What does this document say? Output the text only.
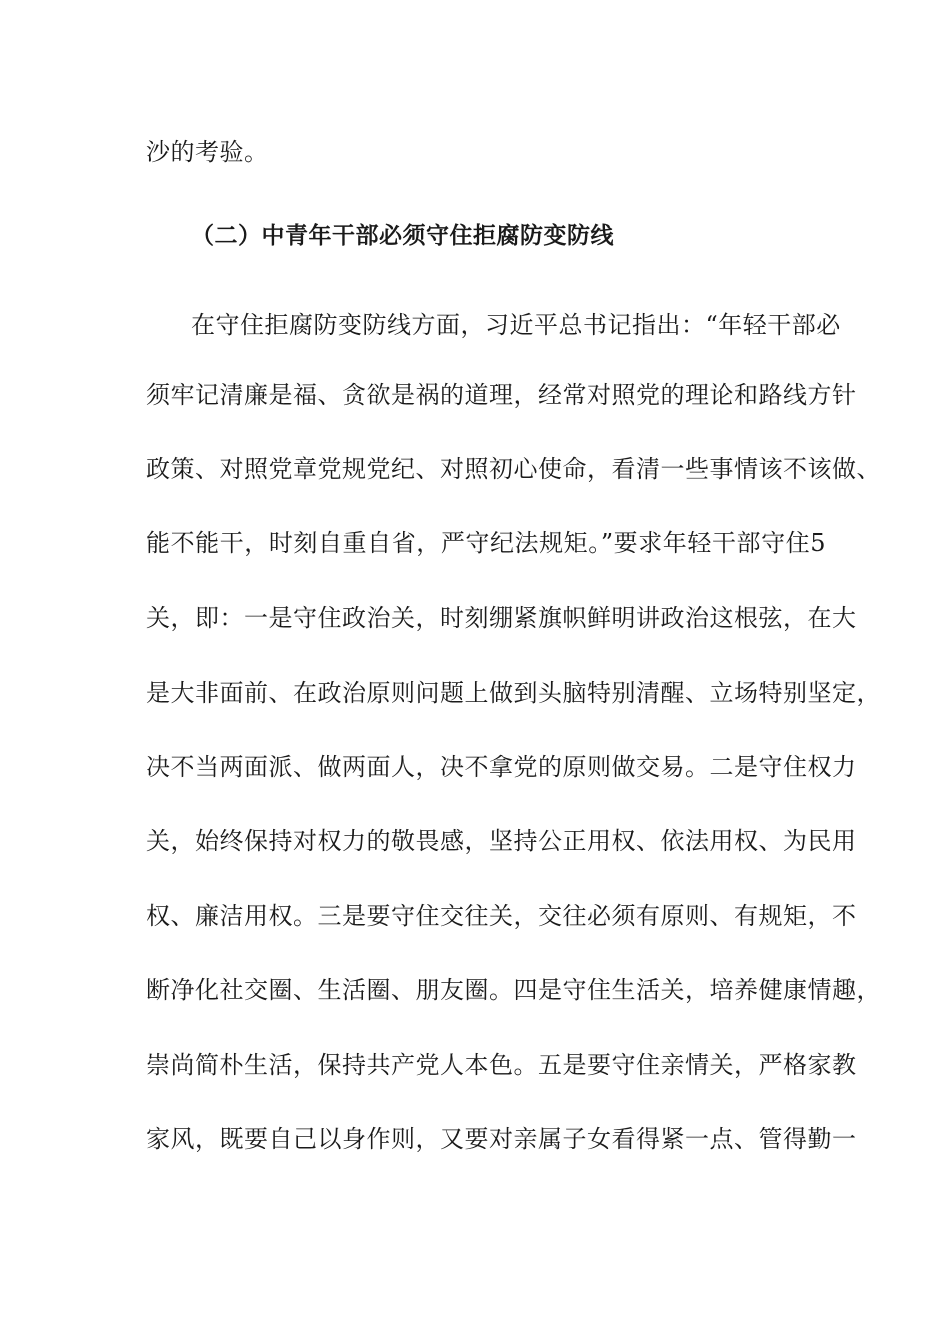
沙的考验。
（二）中青年干部必须守住拒腐防变防线
在守住拒腐防变防线方面，习近平总书记指出：“年轻干部必
须牢记清廉是福、贪欲是祸的道理，经常对照党的理论和路线方针
政策、对照党章党规党纪、对照初心使命，看清一些事情该不该做、
能不能干，时刻自重自省，严守纪法规矩。”要求年轻干部守住5
关，即：一是守住政治关，时刻绷紧旗帜鲜明讲政治这根弦，在大
是大非面前、在政治原则问题上做到头脑特别清醒、立场特别坚定，
决不当两面派、做两面人，决不拿党的原则做交易。二是守住权力
关，始终保持对权力的敬畏感，坚持公正用权、依法用权、为民用
权、廉洁用权。三是要守住交往关，交往必须有原则、有规矩，不
断净化社交圈、生活圈、朋友圈。四是守住生活关，培养健康情趣，
崇尚简朴生活，保持共产党人本色。五是要守住亲情关，严格家教
家风，既要自己以身作则，又要对亲属子女看得紧一点、管得勤一
